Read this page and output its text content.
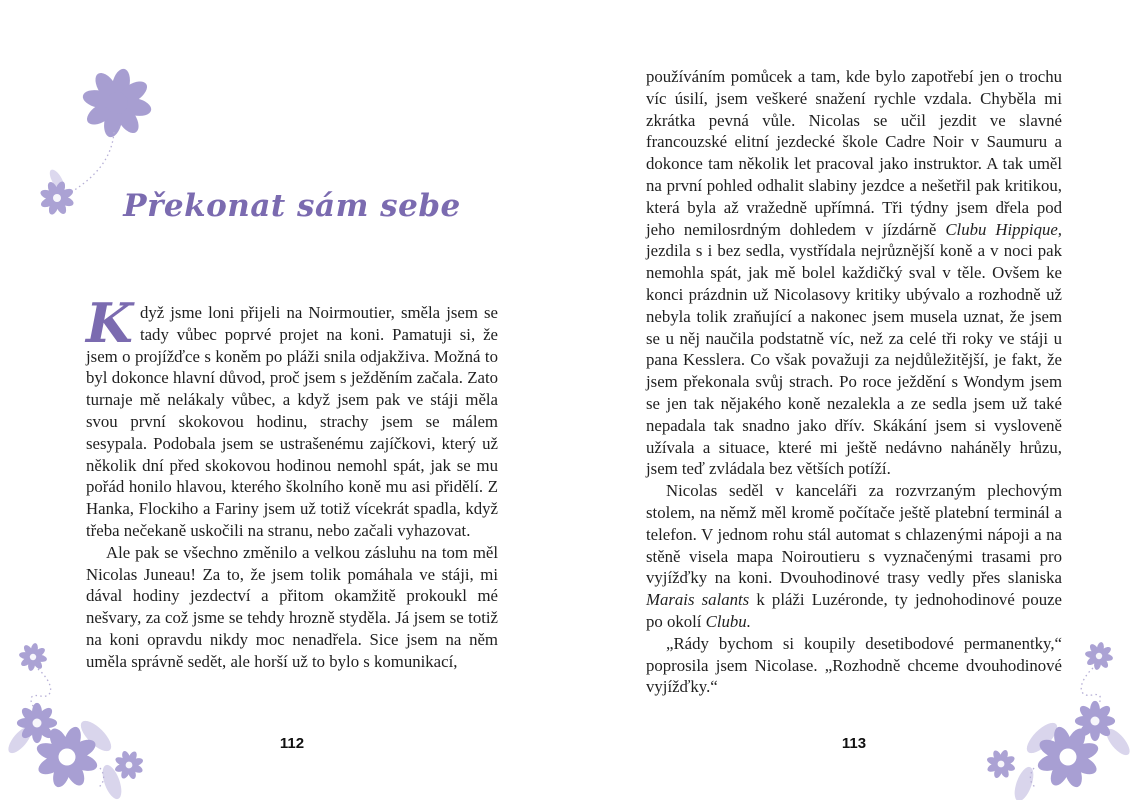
Překonat sám sebe

Když jsme loni přijeli na Noirmoutier, směla jsem se tady vůbec poprvé projet na koni. Pamatuji si, že jsem o projížďce s koněm po pláži snila odjakživa. Možná to byl dokonce hlavní důvod, proč jsem s ježděním začala. Zato turnaje mě nelákaly vůbec, a když jsem pak ve stáji měla svou první skokovou hodinu, strachy jsem se málem sesypala. Podobala jsem se ustrašenému zajíčkovi, který už několik dní před skokovou hodinou nemohl spát, jak se mu pořád honilo hlavou, kterého školního koně mu asi přidělí. Z Hanka, Flockiho a Fariny jsem už totiž vícekrát spadla, když třeba nečekaně uskočili na stranu, nebo začali vyhazovat.

Ale pak se všechno změnilo a velkou zásluhu na tom měl Nicolas Juneau! Za to, že jsem tolik pomáhala ve stáji, mi dával hodiny jezdectví a přitom okamžitě prokoukl mé nešvary, za což jsme se tehdy hrozně styděla. Já jsem se totiž na koni opravdu nikdy moc nenadřela. Sice jsem na něm uměla správně sedět, ale horší už to bylo s komunikací,

112

používáním pomůcek a tam, kde bylo zapotřebí jen o trochu víc úsilí, jsem veškeré snažení rychle vzdala. Chyběla mi zkrátka pevná vůle. Nicolas se učil jezdit ve slavné francouzské elitní jezdecké škole Cadre Noir v Saumuru a dokonce tam několik let pracoval jako instruktor. A tak uměl na první pohled odhalit slabiny jezdce a nešetřil pak kritikou, která byla až vražedně upřímná. Tři týdny jsem dřela pod jeho nemilosrdným dohledem v jízdárně Clubu Hippique, jezdila s i bez sedla, vystřídala nejrůznější koně a v noci pak nemohla spát, jak mě bolel každičký sval v těle. Ovšem ke konci prázdnin už Nicolasovy kritiky ubývalo a rozhodně už nebyla tolik zraňující a nakonec jsem musela uznat, že jsem se u něj naučila podstatně víc, než za celé tři roky ve stáji u pana Kesslera. Co však považuji za nejdůležitější, je fakt, že jsem překonala svůj strach. Po roce ježdění s Wondym jsem se jen tak nějakého koně nezalekla a ze sedla jsem už také nepadala tak snadno jako dřív. Skákání jsem si vysloveně užívala a situace, které mi ještě nedávno naháněly hrůzu, jsem teď zvládala bez větších potíží.

Nicolas seděl v kanceláři za rozvrzaným plechovým stolem, na němž měl kromě počítače ještě platební terminál a telefon. V jednom rohu stál automat s chlazenými nápoji a na stěně visela mapa Noiroutieru s vyznačenými trasami pro vyjížďky na koni. Dvouhodinové trasy vedly přes slaniska Marais salants k pláži Luzéronde, ty jednohodinové pouze po okolí Clubu.

„Rády bychom si koupily desetibodové permanentky,“ poprosila jsem Nicolase. „Rozhodně chceme dvouhodinové vyjížďky.“

113
